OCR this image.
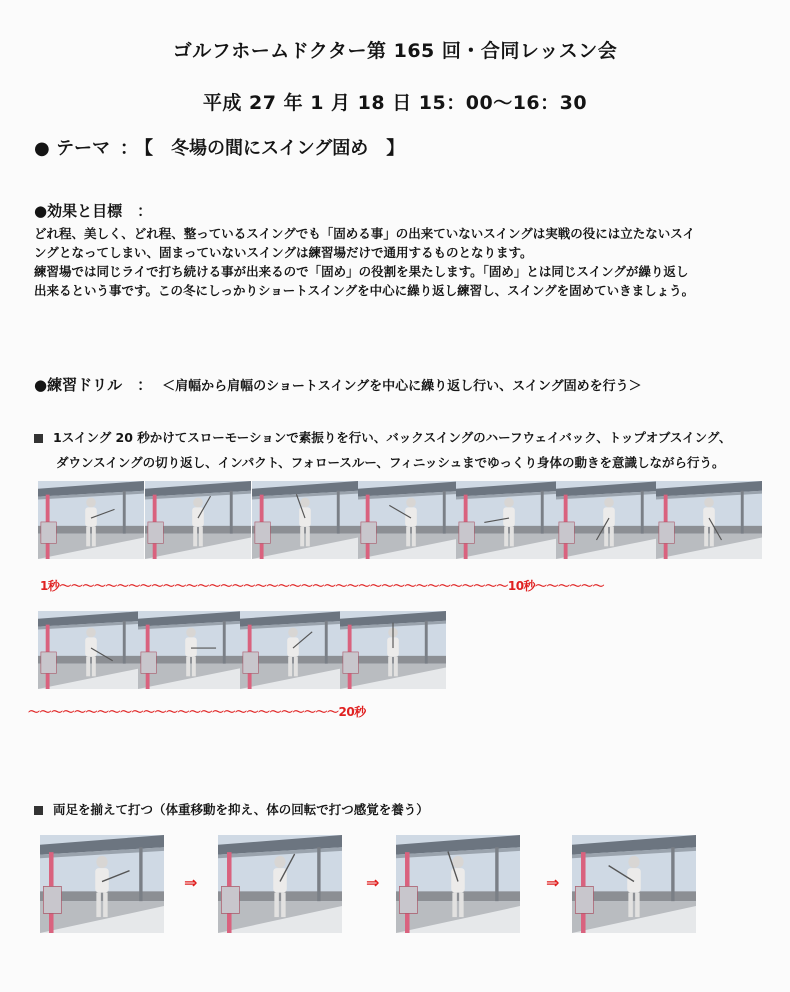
ゴルフホームドクター第 165 回・合同レッスン会
平成 27 年 1 月 18 日 15：00～16：30
● テーマ ： 【　冬場の間にスイング固め　】
●効果と目標　：
どれ程、美しく、どれ程、整っているスイングでも「固める事」の出来ていないスイングは実戦の役には立たないスイ
ングとなってしまい、固まっていないスイングは練習場だけで通用するものとなります。
練習場では同じライで打ち続ける事が出来るので「固め」の役割を果たします。「固め」とは同じスイングが繰り返し
出来るという事です。この冬にしっかりショートスイングを中心に繰り返し練習し、スイングを固めていきましょう。
●練習ドリル　： ＜肩幅から肩幅のショートスイングを中心に繰り返し行い、スイング固めを行う＞
1スイング 20 秒かけてスローモーションで素振りを行い、バックスイングのハーフウェイバック、トップオブスイング、
ダウンスイングの切り返し、インパクト、フォロースルー、フィニッシュまでゆっくり身体の動きを意識しながら行う。
1秒～～～～～～～～～～～～～～～～～～～～～～～～～～～～～～～～～～～～～～～10秒～～～～～～
～～～～～～～～～～～～～～～～～～～～～～～～～～～20秒
両足を揃えて打つ（体重移動を抑え、体の回転で打つ感覚を養う）
⇒	⇒	⇒
